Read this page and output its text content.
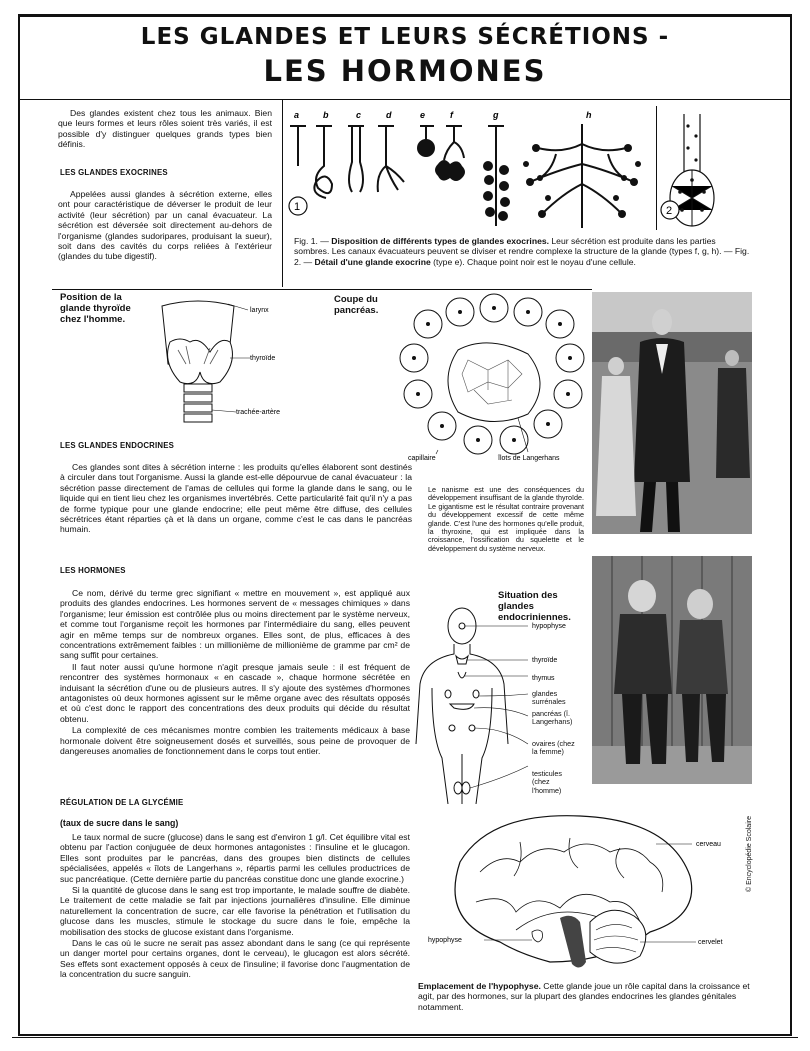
LES GLANDES ET LEURS SÉCRÉTIONS -
LES HORMONES

Des glandes existent chez tous les animaux. Bien que leurs formes et leurs rôles soient très variés, il est possible d'y distinguer quelques grands types bien définis.

LES GLANDES EXOCRINES

Appelées aussi glandes à sécrétion externe, elles ont pour caractéristique de déverser le produit de leur activité (leur sécrétion) par un canal évacuateur. La sécrétion est déversée soit directement au-dehors de l'organisme (glandes sudoripares, produisant la sueur), soit dans des cavités du corps reliées à l'extérieur (glandes du tube digestif).

a	b	c	d	e	f	g	h
1	2
Fig. 1. — Disposition de différents types de glandes exocrines. Leur sécrétion est produite dans les parties sombres. Les canaux évacuateurs peuvent se diviser et rendre complexe la structure de la glande (types f, g, h). — Fig. 2. — Détail d'une glande exocrine (type e). Chaque point noir est le noyau d'une cellule.
Position de la glande thyroïde chez l'homme.
larynx
thyroïde
trachée-artère
Coupe du pancréas.
capillaire	îlots de Langerhans
Le nanisme est une des conséquences du développement insuffisant de la glande thyroïde. Le gigantisme est le résultat contraire provenant du développement excessif de cette même glande. C'est l'une des hormones qu'elle produit, la thyroxine, qui est impliquée dans la croissance, l'ossification du squelette et le développement du système nerveux.
LES GLANDES ENDOCRINES

Ces glandes sont dites à sécrétion interne : les produits qu'elles élaborent sont destinés à circuler dans tout l'organisme. Aussi la glande est-elle dépourvue de canal évacuateur : la sécrétion passe directement de l'amas de cellules qui forme la glande dans le sang, ou le liquide qui en tient lieu chez les organismes invertébrés. Cette particularité fait qu'il n'y a pas de forme typique pour une glande endocrine; elle peut même être diffuse, des cellules sécrétrices étant réparties çà et là dans un organe, comme c'est le cas dans le pancréas humain.

LES HORMONES

Ce nom, dérivé du terme grec signifiant « mettre en mouvement », est appliqué aux produits des glandes endocrines. Les hormones servent de « messages chimiques » dans l'organisme; leur émission est contrôlée plus ou moins directement par le système nerveux, et comme tout l'organisme reçoit les hormones par l'intermédiaire du sang, elles peuvent agir en même temps sur de nombreux organes. Elles sont, de plus, efficaces à des concentrations extrêmement faibles : un millionième de millionième de gramme par cm² de sang suffit pour certaines.

Il faut noter aussi qu'une hormone n'agit presque jamais seule : il est fréquent de rencontrer des systèmes hormonaux « en cascade », chaque hormone sécrétée en induisant la sécrétion d'une ou de plusieurs autres. Il s'y ajoute des systèmes d'hormones antagonistes où deux hormones agissent sur le même organe avec des résultats opposés et où c'est donc le rapport des concentrations des deux produits qui décide du résultat obtenu.

La complexité de ces mécanismes montre combien les traitements médicaux à base hormonale doivent être soigneusement dosés et surveillés, sous peine de provoquer de dangereuses anomalies de fonctionnement dans le corps tout entier.

Situation des glandes endocriniennes.
hypophyse
thyroïde
thymus
glandes surrénales
pancréas (î. Langerhans)
ovaires (chez la femme)
testicules (chez l'homme)
RÉGULATION DE LA GLYCÉMIE
(taux de sucre dans le sang)

Le taux normal de sucre (glucose) dans le sang est d'environ 1 g/l. Cet équilibre vital est obtenu par l'action conjuguée de deux hormones antagonistes : l'insuline et le glucagon. Elles sont produites par le pancréas, dans des groupes bien distincts de cellules spécialisées, appelés « îlots de Langerhans », répartis parmi les cellules productrices de suc pancréatique. (Cette dernière partie du pancréas constitue donc une glande exocrine.)

Si la quantité de glucose dans le sang est trop importante, le malade souffre de diabète. Le traitement de cette maladie se fait par injections journalières d'insuline. Elle diminue naturellement la concentration de sucre, car elle favorise la pénétration et l'utilisation du glucose dans les muscles, stimule le stockage du sucre dans le foie, empêche la mobilisation des stocks de glucose existant dans l'organisme.

Dans le cas où le sucre ne serait pas assez abondant dans le sang (ce qui représente un danger mortel pour certains organes, dont le cerveau), le glucagon est alors sécrété. Ses effets sont exactement opposés à ceux de l'insuline; il favorise donc l'augmentation de la concentration du sucre sanguin.

cerveau
cervelet
hypophyse
© Encyclopédie Scolaire
Emplacement de l'hypophyse. Cette glande joue un rôle capital dans la croissance et agit, par des hormones, sur la plupart des glandes endocrines les glandes génitales notamment.
